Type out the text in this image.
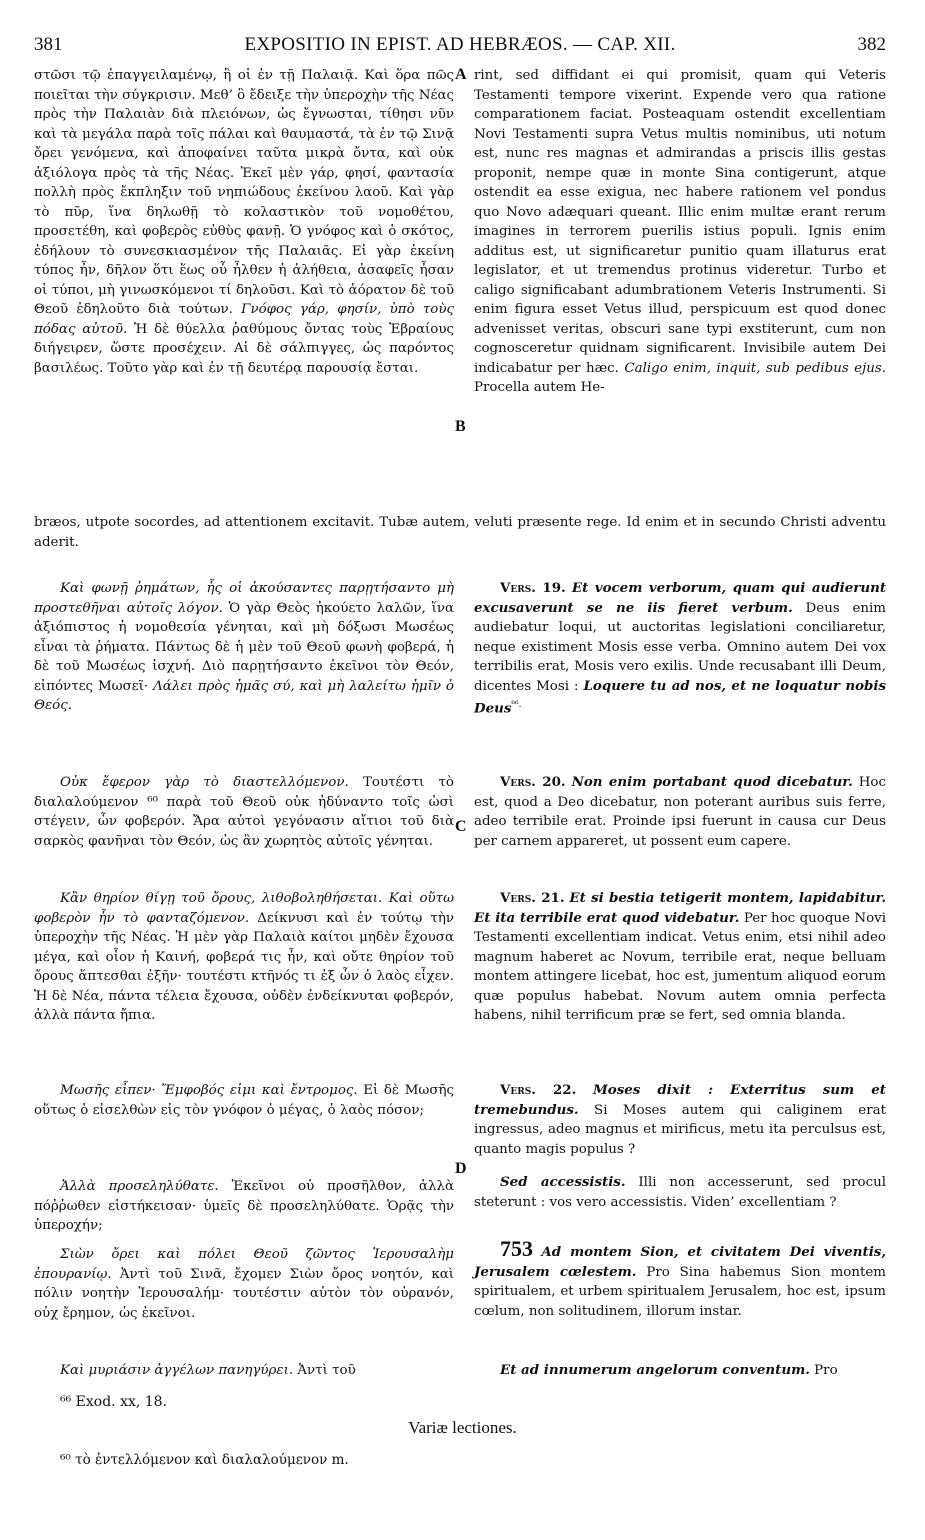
381	EXPOSITIO IN EPIST. AD HEBRÆOS. — CAP. XII.	382

στῶσι τῷ ἐπαγγειλαμένῳ, ἢ οἱ ἐν τῇ Παλαιᾷ. Καὶ ὅρα πῶς ποιεῖται τὴν σύγκρισιν. Μεθ’ ὃ ἔδειξε τὴν ὑπεροχὴν τῆς Νέας πρὸς τὴν Παλαιὰν διὰ πλειόνων, ὡς ἔγνωσται, τίθησι νῦν καὶ τὰ μεγάλα παρὰ τοῖς πάλαι καὶ θαυμαστά, τὰ ἐν τῷ Σινᾷ ὄρει γενόμενα, καὶ ἀποφαίνει ταῦτα μικρὰ ὄντα, καὶ οὐκ ἀξιόλογα πρὸς τὰ τῆς Νέας. Ἐκεῖ μὲν γάρ, φησί, φαντασία πολλὴ πρὸς ἔκπληξιν τοῦ νηπιώδους ἐκείνου λαοῦ. Καὶ γὰρ τὸ πῦρ, ἵνα δηλωθῇ τὸ κολαστικὸν τοῦ νομοθέτου, προσετέθη, καὶ φοβερὸς εὐθὺς φανῇ. Ὁ γνόφος καὶ ὁ σκότος, ἐδήλουν τὸ συνεσκιασμένον τῆς Παλαιᾶς. Εἰ γὰρ ἐκείνη τύπος ἦν, δῆλον ὅτι ἕως οὗ ἦλθεν ἡ ἀλήθεια, ἀσαφεῖς ἦσαν οἱ τύποι, μὴ γινωσκόμενοι τί δηλοῦσι. Καὶ τὸ ἀόρατον δὲ τοῦ Θεοῦ ἐδηλοῦτο διὰ τούτων. Γνόφος γάρ, φησίν, ὑπὸ τοὺς πόδας αὐτοῦ. Ἡ δὲ θύελλα ῥαθύμους ὄντας τοὺς Ἑβραίους διήγειρεν, ὥστε προσέχειν. Αἱ δὲ σάλπιγγες, ὡς παρόντος βασιλέως. Τοῦτο γὰρ καὶ ἐν τῇ δευτέρᾳ παρουσίᾳ ἔσται.

A
B

rint, sed diffidant ei qui promisit, quam qui Veteris Testamenti tempore vixerint. Expende vero qua ratione comparationem faciat. Posteaquam ostendit excellentiam Novi Testamenti supra Vetus multis nominibus, uti notum est, nunc res magnas et admirandas a priscis illis gestas proponit, nempe quæ in monte Sina contigerunt, atque ostendit ea esse exigua, nec habere rationem vel pondus quo Novo adæquari queant. Illic enim multæ erant rerum imagines in terrorem puerilis istius populi. Ignis enim additus est, ut significaretur punitio quam illaturus erat legislator, et ut tremendus protinus videretur. Turbo et caligo significabant adumbrationem Veteris Instrumenti. Si enim figura esset Vetus illud, perspicuum est quod donec advenisset veritas, obscuri sane typi exstiterunt, cum non cognosceretur quidnam significarent. Invisibile autem Dei indicabatur per hæc. Caligo enim, inquit, sub pedibus ejus. Procella autem He-

bræos, utpote socordes, ad attentionem excitavit. Tubæ autem, veluti præsente rege. Id enim et in secundo Christi adventu aderit.

Καὶ φωνῇ ῥημάτων, ἧς οἱ ἀκούσαντες παρῃτήσαντο μὴ προστεθῆναι αὐτοῖς λόγον. Ὁ γὰρ Θεὸς ἠκούετο λαλῶν, ἵνα ἀξιόπιστος ἡ νομοθεσία γένηται, καὶ μὴ δόξωσι Μωσέως εἶναι τὰ ῥήματα. Πάντως δὲ ἡ μὲν τοῦ Θεοῦ φωνὴ φοβερά, ἡ δὲ τοῦ Μωσέως ἰσχνή. Διὸ παρῃτήσαντο ἐκεῖνοι τὸν Θεόν, εἰπόντες Μωσεῖ· Λάλει πρὸς ἡμᾶς σύ, καὶ μὴ λαλείτω ἡμῖν ὁ Θεός.

Οὐκ ἔφερον γὰρ τὸ διαστελλόμενον. Τουτέστι τὸ διαλαλούμενον ⁶⁰ παρὰ τοῦ Θεοῦ οὐκ ἠδύναντο τοῖς ὠσὶ στέγειν, ὧν φοβερόν. Ἄρα αὐτοὶ γεγόνασιν αἴτιοι τοῦ διὰ σαρκὸς φανῆναι τὸν Θεόν, ὡς ἂν χωρητὸς αὐτοῖς γένηται.

Κἂν θηρίον θίγῃ τοῦ ὄρους, λιθοβοληθήσεται. Καὶ οὕτω φοβερὸν ἦν τὸ φανταζόμενον. Δείκνυσι καὶ ἐν τούτῳ τὴν ὑπεροχὴν τῆς Νέας. Ἡ μὲν γὰρ Παλαιὰ καίτοι μηδὲν ἔχουσα μέγα, καὶ οἷον ἡ Καινή, φοβερά τις ἦν, καὶ οὔτε θηρίον τοῦ ὄρους ἅπτεσθαι ἐξῆν· τουτέστι κτῆνός τι ἐξ ὧν ὁ λαὸς εἶχεν. Ἡ δὲ Νέα, πάντα τέλεια ἔχουσα, οὐδὲν ἐνδείκνυται φοβερόν, ἀλλὰ πάντα ἤπια.

Μωσῆς εἶπεν· Ἔμφοβός εἰμι καὶ ἔντρομος. Εἰ δὲ Μωσῆς οὕτως ὁ εἰσελθὼν εἰς τὸν γνόφον ὁ μέγας, ὁ λαὸς πόσον;

Ἀλλὰ προσεληλύθατε. Ἐκεῖνοι οὐ προσῆλθον, ἀλλὰ πόῤῥωθεν εἱστήκεισαν· ὑμεῖς δὲ προσεληλύθατε. Ὁρᾷς τὴν ὑπεροχήν;

Σιὼν ὄρει καὶ πόλει Θεοῦ ζῶντος Ἱερουσαλὴμ ἐπουρανίῳ. Ἀντὶ τοῦ Σινᾶ, ἔχομεν Σιὼν ὄρος νοητόν, καὶ πόλιν νοητὴν Ἱερουσαλήμ· τουτέστιν αὐτὸν τὸν οὐρανόν, οὐχ ἔρημον, ὡς ἐκεῖνοι.

Καὶ μυριάσιν ἀγγέλων πανηγύρει. Ἀντὶ τοῦ

C
D

Vers. 19. Et vocem verborum, quam qui audierunt excusaverunt se ne iis fieret verbum. Deus enim audiebatur loqui, ut auctoritas legislationi conciliaretur, neque existiment Mosis esse verba. Omnino autem Dei vox terribilis erat, Mosis vero exilis. Unde recusabant illi Deum, dicentes Mosi : Loquere tu ad nos, et ne loquatur nobis Deus$^{^{66}.}$

Vers. 20. Non enim portabant quod dicebatur. Hoc est, quod a Deo dicebatur, non poterant auribus suis ferre, adeo terribile erat. Proinde ipsi fuerunt in causa cur Deus per carnem appareret, ut possent eum capere.

Vers. 21. Et si bestia tetigerit montem, lapidabitur. Et ita terribile erat quod videbatur. Per hoc quoque Novi Testamenti excellentiam indicat. Vetus enim, etsi nihil adeo magnum haberet ac Novum, terribile erat, neque belluam montem attingere licebat, hoc est, jumentum aliquod eorum quæ populus habebat. Novum autem omnia perfecta habens, nihil terrificum præ se fert, sed omnia blanda.

Vers. 22. Moses dixit : Exterritus sum et tremebundus. Si Moses autem qui caliginem erat ingressus, adeo magnus et mirificus, metu ita perculsus est, quanto magis populus ?

Sed accessistis. Illi non accesserunt, sed procul steterunt : vos vero accessistis. Viden’ excellentiam ?

753 Ad montem Sion, et civitatem Dei viventis, Jerusalem cœlestem. Pro Sina habemus Sion montem spiritualem, et urbem spiritualem Jerusalem, hoc est, ipsum cœlum, non solitudinem, illorum instar.

Et ad innumerum angelorum conventum. Pro

⁶⁶ Exod. xx, 18.
Variæ lectiones.
⁶⁰ τὸ ἐντελλόμενον καὶ διαλαλούμενον m.
